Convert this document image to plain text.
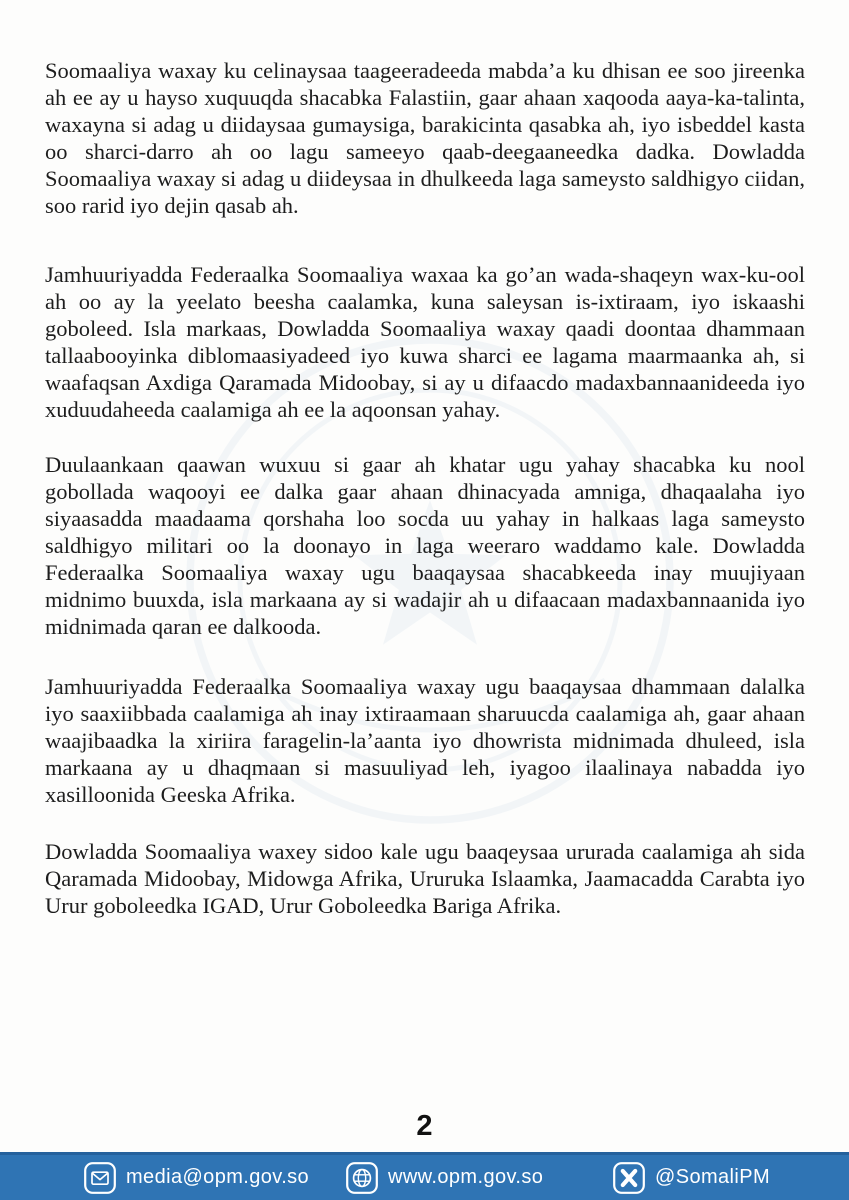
Soomaaliya waxay ku celinaysaa taageeradeeda mabda’a ku dhisan ee soo jireenka ah ee ay u hayso xuquuqda shacabka Falastiin, gaar ahaan xaqooda aaya-ka-talinta, waxayna si adag u diidaysaa gumaysiga, barakicinta qasabka ah, iyo isbeddel kasta oo sharci-darro ah oo lagu sameeyo qaab-deegaaneedka dadka. Dowladda Soomaaliya waxay si adag u diideysaa in dhulkeeda laga sameysto saldhigyo ciidan, soo rarid iyo dejin qasab ah.

Jamhuuriyadda Federaalka Soomaaliya waxaa ka go’an wada-shaqeyn wax-ku-ool ah oo ay la yeelato beesha caalamka, kuna saleysan is-ixtiraam, iyo iskaashi goboleed. Isla markaas, Dowladda Soomaaliya waxay qaadi doontaa dhammaan tallaabooyinka diblomaasiyadeed iyo kuwa sharci ee lagama maarmaanka ah, si waafaqsan Axdiga Qaramada Midoobay, si ay u difaacdo madaxbannaanideeda iyo xuduudaheeda caalamiga ah ee la aqoonsan yahay.

Duulaankaan qaawan wuxuu si gaar ah khatar ugu yahay shacabka ku nool gobollada waqooyi ee dalka gaar ahaan dhinacyada amniga, dhaqaalaha iyo siyaasadda maadaama qorshaha loo socda uu yahay in halkaas laga sameysto saldhigyo militari oo la doonayo in laga weeraro waddamo kale. Dowladda Federaalka Soomaaliya waxay ugu baaqaysaa shacabkeeda inay muujiyaan midnimo buuxda, isla markaana ay si wadajir ah u difaacaan madaxbannaanida iyo midnimada qaran ee dalkooda.

Jamhuuriyadda Federaalka Soomaaliya waxay ugu baaqaysaa dhammaan dalalka iyo saaxiibbada caalamiga ah inay ixtiraamaan sharuucda caalamiga ah, gaar ahaan waajibaadka la xiriira faragelin-la’aanta iyo dhowrista midnimada dhuleed, isla markaana ay u dhaqmaan si masuuliyad leh, iyagoo ilaalinaya nabadda iyo xasilloonida Geeska Afrika.

Dowladda Soomaaliya waxey sidoo kale ugu baaqeysaa ururada caalamiga ah sida Qaramada Midoobay, Midowga Afrika, Ururuka Islaamka, Jaamacadda Carabta iyo Urur goboleedka IGAD, Urur Goboleedka Bariga Afrika.

2
media@opm.gov.so	www.opm.gov.so	@SomaliPM
